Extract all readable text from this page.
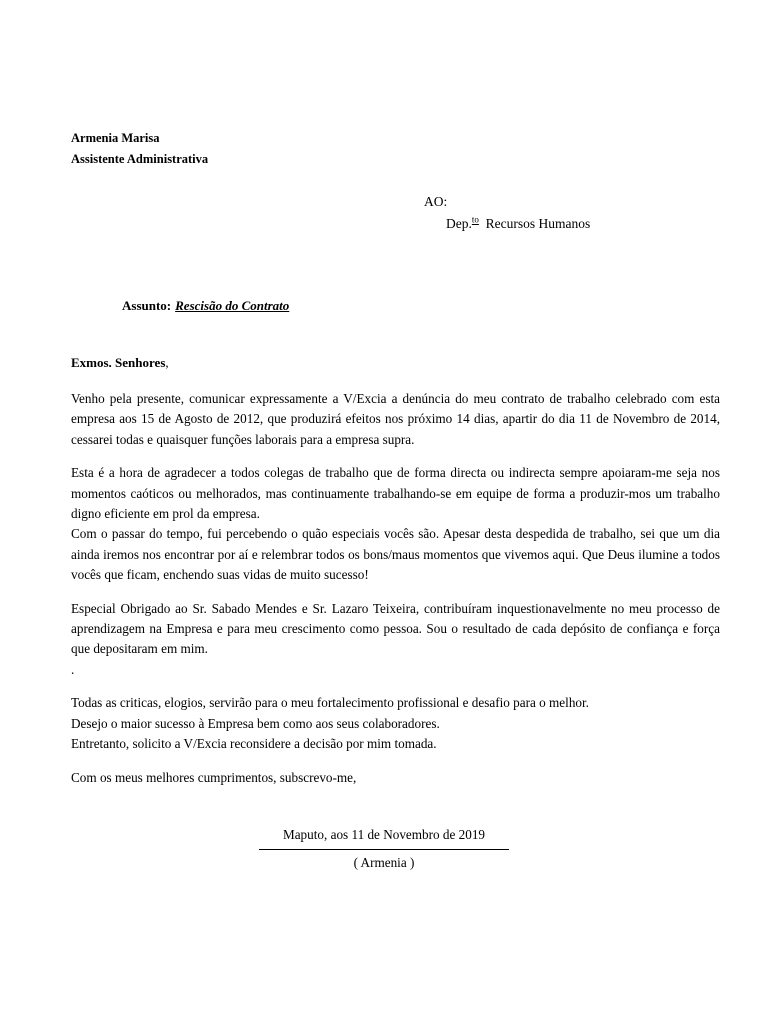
Armenia Marisa
Assistente Administrativa
AO:
Dep.$^{to}$ Recursos Humanos
Assunto: Rescisão do Contrato
Exmos. Senhores,

Venho pela presente, comunicar expressamente a V/Excia a denúncia do meu contrato de trabalho celebrado com esta empresa aos 15 de Agosto de 2012, que produzirá efeitos nos próximo 14 dias, apartir do dia 11 de Novembro de 2014, cessarei todas e quaisquer funções laborais para a empresa supra.

Esta é a hora de agradecer a todos colegas de trabalho que de forma directa ou indirecta sempre apoiaram-me seja nos momentos caóticos ou melhorados, mas continuamente trabalhando-se em equipe de forma a produzir-mos um trabalho digno eficiente em prol da empresa.

Com o passar do tempo, fui percebendo o quão especiais vocês são. Apesar desta despedida de trabalho, sei que um dia ainda iremos nos encontrar por aí e relembrar todos os bons/maus momentos que vivemos aqui. Que Deus ilumine a todos vocês que ficam, enchendo suas vidas de muito sucesso!

Especial Obrigado ao Sr. Sabado Mendes e Sr. Lazaro Teixeira, contribuíram inquestionavelmente no meu processo de aprendizagem na Empresa e para meu crescimento como pessoa. Sou o resultado de cada depósito de confiança e força que depositaram em mim.

.

Todas as criticas, elogios, servirão para o meu fortalecimento profissional e desafio para o melhor.

Desejo o maior sucesso à Empresa bem como aos seus colaboradores.

Entretanto, solicito a V/Excia reconsidere a decisão por mim tomada.

Com os meus melhores cumprimentos, subscrevo-me,

Maputo, aos 11 de Novembro de 2019
( Armenia )
